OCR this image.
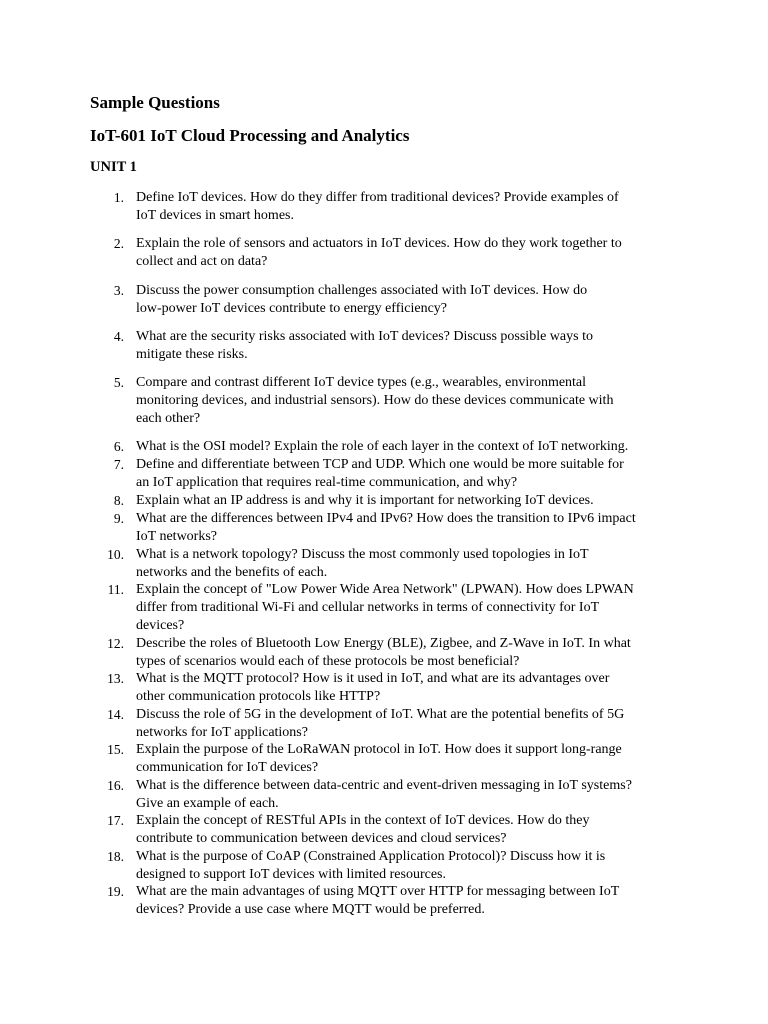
Sample Questions
IoT-601 IoT Cloud Processing and Analytics
UNIT 1
1. Define IoT devices. How do they differ from traditional devices? Provide examples of
IoT devices in smart homes.
2. Explain the role of sensors and actuators in IoT devices. How do they work together to
collect and act on data?
3. Discuss the power consumption challenges associated with IoT devices. How do
low-power IoT devices contribute to energy efficiency?
4. What are the security risks associated with IoT devices? Discuss possible ways to
mitigate these risks.
5. Compare and contrast different IoT device types (e.g., wearables, environmental
monitoring devices, and industrial sensors). How do these devices communicate with
each other?
6. What is the OSI model? Explain the role of each layer in the context of IoT networking.
7. Define and differentiate between TCP and UDP. Which one would be more suitable for
an IoT application that requires real-time communication, and why?
8. Explain what an IP address is and why it is important for networking IoT devices.
9. What are the differences between IPv4 and IPv6? How does the transition to IPv6 impact
IoT networks?
10. What is a network topology? Discuss the most commonly used topologies in IoT
networks and the benefits of each.
11. Explain the concept of "Low Power Wide Area Network" (LPWAN). How does LPWAN
differ from traditional Wi-Fi and cellular networks in terms of connectivity for IoT
devices?
12. Describe the roles of Bluetooth Low Energy (BLE), Zigbee, and Z-Wave in IoT. In what
types of scenarios would each of these protocols be most beneficial?
13. What is the MQTT protocol? How is it used in IoT, and what are its advantages over
other communication protocols like HTTP?
14. Discuss the role of 5G in the development of IoT. What are the potential benefits of 5G
networks for IoT applications?
15. Explain the purpose of the LoRaWAN protocol in IoT. How does it support long-range
communication for IoT devices?
16. What is the difference between data-centric and event-driven messaging in IoT systems?
Give an example of each.
17. Explain the concept of RESTful APIs in the context of IoT devices. How do they
contribute to communication between devices and cloud services?
18. What is the purpose of CoAP (Constrained Application Protocol)? Discuss how it is
designed to support IoT devices with limited resources.
19. What are the main advantages of using MQTT over HTTP for messaging between IoT
devices? Provide a use case where MQTT would be preferred.
